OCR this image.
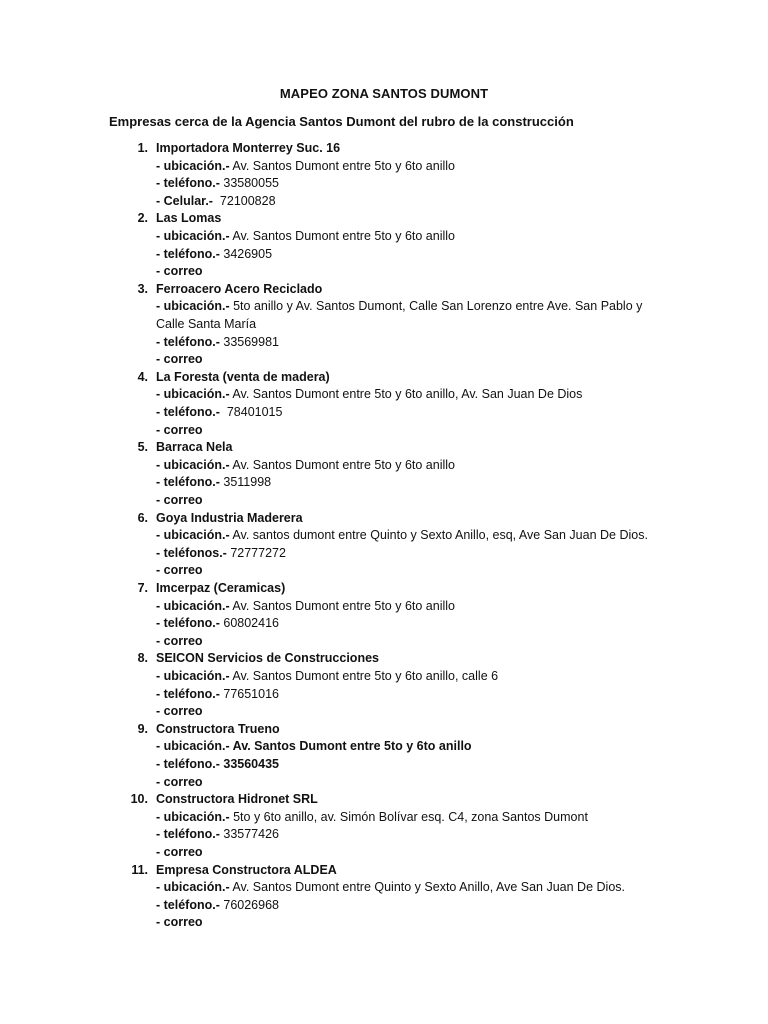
MAPEO ZONA SANTOS DUMONT
Empresas cerca de la Agencia Santos Dumont del rubro de la construcción
1. Importadora Monterrey Suc. 16
- ubicación.- Av. Santos Dumont entre 5to y 6to anillo
- teléfono.- 33580055
- Celular.-  72100828
2. Las Lomas
- ubicación.- Av. Santos Dumont entre 5to y 6to anillo
- teléfono.- 3426905
- correo
3. Ferroacero Acero Reciclado
- ubicación.- 5to anillo y Av. Santos Dumont, Calle San Lorenzo entre Ave. San Pablo y
Calle Santa María
- teléfono.- 33569981
- correo
4. La Foresta (venta de madera)
- ubicación.- Av. Santos Dumont entre 5to y 6to anillo, Av. San Juan De Dios
- teléfono.-  78401015
- correo
5. Barraca Nela
- ubicación.- Av. Santos Dumont entre 5to y 6to anillo
- teléfono.- 3511998
- correo
6. Goya Industria Maderera
- ubicación.- Av. santos dumont entre Quinto y Sexto Anillo, esq, Ave San Juan De Dios.
- teléfonos.- 72777272
- correo
7. Imcerpaz (Ceramicas)
- ubicación.- Av. Santos Dumont entre 5to y 6to anillo
- teléfono.- 60802416
- correo
8. SEICON Servicios de Construcciones
- ubicación.- Av. Santos Dumont entre 5to y 6to anillo, calle 6
- teléfono.- 77651016
- correo
9. Constructora Trueno
- ubicación.- Av. Santos Dumont entre 5to y 6to anillo
- teléfono.- 33560435
- correo
10. Constructora Hidronet SRL
- ubicación.- 5to y 6to anillo, av. Simón Bolívar esq. C4, zona Santos Dumont
- teléfono.- 33577426
- correo
11. Empresa Constructora ALDEA
- ubicación.- Av. Santos Dumont entre Quinto y Sexto Anillo, Ave San Juan De Dios.
- teléfono.- 76026968
- correo
